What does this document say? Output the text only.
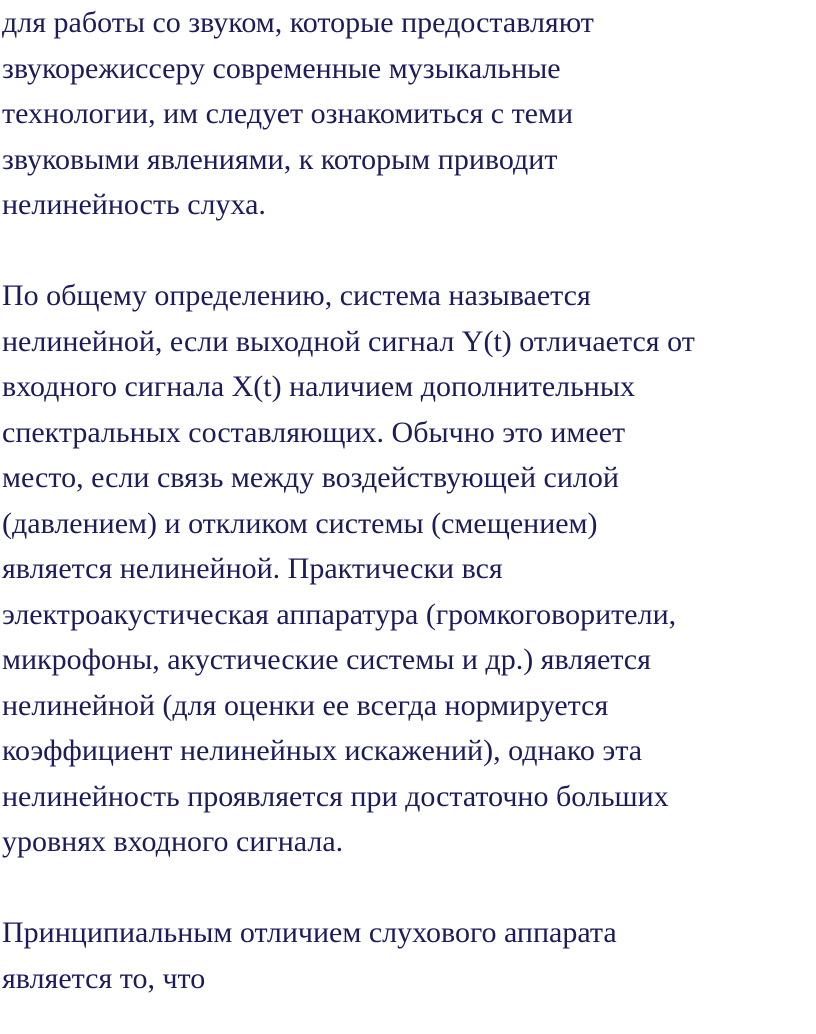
для работы со звуком, которые предоставляют
звукорежиссеру современные музыкальные
технологии, им следует ознакомиться с теми
звуковыми явлениями, к которым приводит
нелинейность слуха.
По общему определению, система называется
нелинейной, если выходной сигнал Y(t) отличается от
входного сигнала X(t) наличием дополнительных
спектральных составляющих. Обычно это имеет
место, если связь между воздействующей силой
(давлением) и откликом системы (смещением)
является нелинейной. Практически вся
электроакустическая аппаратура (громкоговорители,
микрофоны, акустические системы и др.) является
нелинейной (для оценки ее всегда нормируется
коэффициент нелинейных искажений), однако эта
нелинейность проявляется при достаточно больших
уровнях входного сигнала.
Принципиальным отличием слухового аппарата
является то, что
